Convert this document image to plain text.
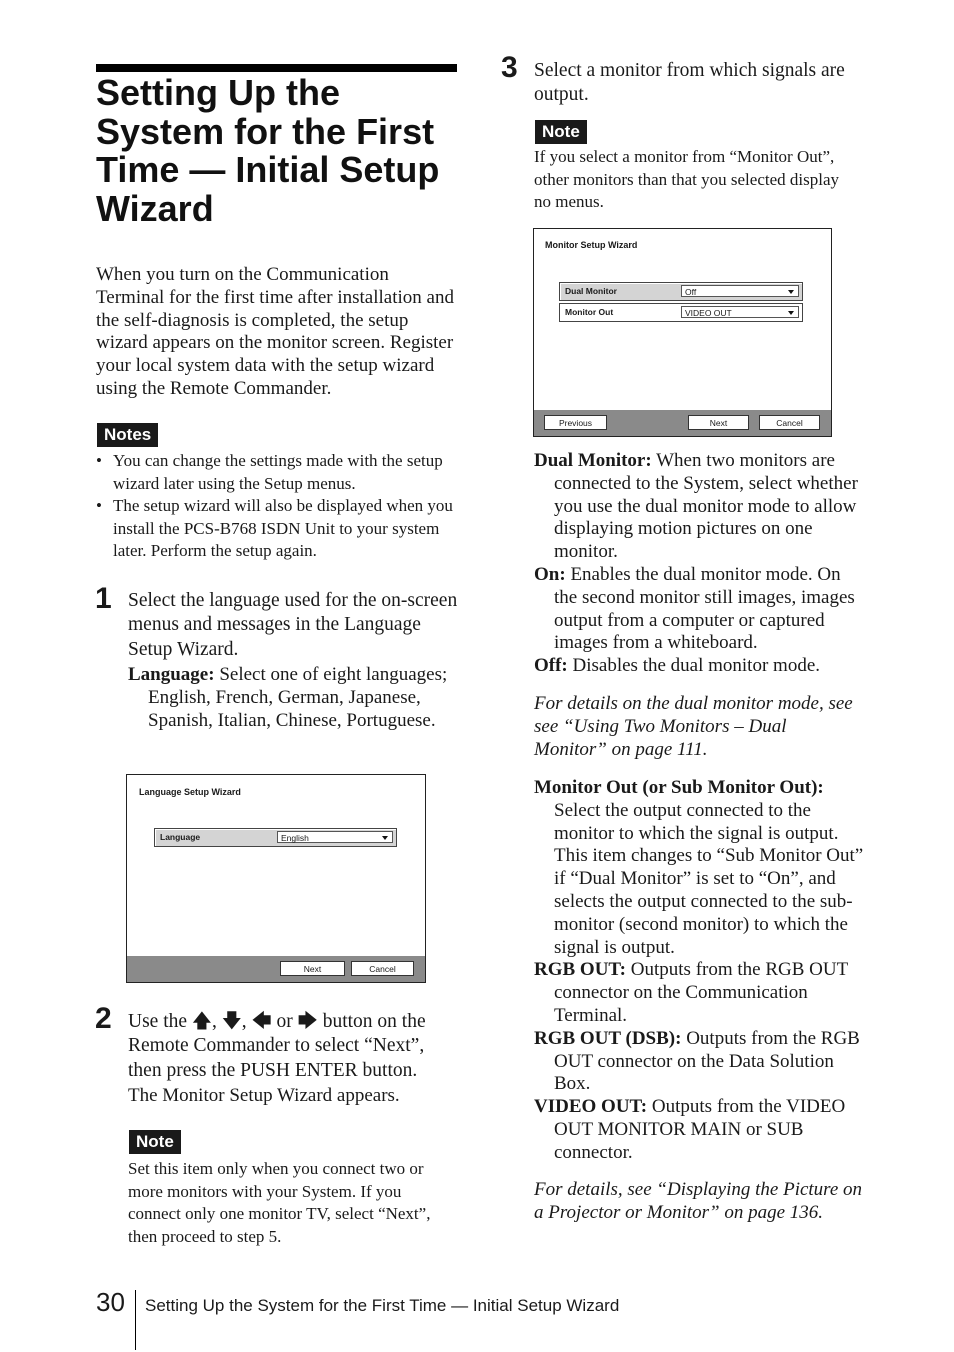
Setting Up the System for the First Time — Initial Setup Wizard
When you turn on the Communication Terminal for the first time after installation and the self-diagnosis is completed, the setup wizard appears on the monitor screen. Register your local system data with the setup wizard using the Remote Commander.
Notes
• You can change the settings made with the setup wizard later using the Setup menus.
• The setup wizard will also be displayed when you install the PCS-B768 ISDN Unit to your system later. Perform the setup again.
1 Select the language used for the on-screen menus and messages in the Language Setup Wizard.
Language: Select one of eight languages; English, French, German, Japanese, Spanish, Italian, Chinese, Portuguese.
Language Setup Wizard
Language	English
Next	Cancel
2 Use the 🡅, 🡇, 🡄 or 🡆 button on the Remote Commander to select “Next”, then press the PUSH ENTER button.
The Monitor Setup Wizard appears.
Note
Set this item only when you connect two or more monitors with your System. If you connect only one monitor TV, select “Next”, then proceed to step 5.
3 Select a monitor from which signals are output.
Note
If you select a monitor from “Monitor Out”, other monitors than that you selected display no menus.
Monitor Setup Wizard
Dual Monitor	Off
Monitor Out	VIDEO OUT
Previous	Next	Cancel

Dual Monitor: When two monitors are connected to the System, select whether you use the dual monitor mode to allow displaying motion pictures on one monitor.

On: Enables the dual monitor mode. On the second monitor still images, images output from a computer or captured images from a whiteboard.

Off: Disables the dual monitor mode.

For details on the dual monitor mode, see see “Using Two Monitors – Dual Monitor” on page 111.

Monitor Out (or Sub Monitor Out): Select the output connected to the monitor to which the signal is output. This item changes to “Sub Monitor Out” if “Dual Monitor” is set to “On”, and selects the output connected to the sub-monitor (second monitor) to which the signal is output.

RGB OUT: Outputs from the RGB OUT connector on the Communication Terminal.

RGB OUT (DSB): Outputs from the RGB OUT connector on the Data Solution Box.

VIDEO OUT: Outputs from the VIDEO OUT MONITOR MAIN or SUB connector.

For details, see “Displaying the Picture on a Projector or Monitor” on page 136.
30 Setting Up the System for the First Time — Initial Setup Wizard
